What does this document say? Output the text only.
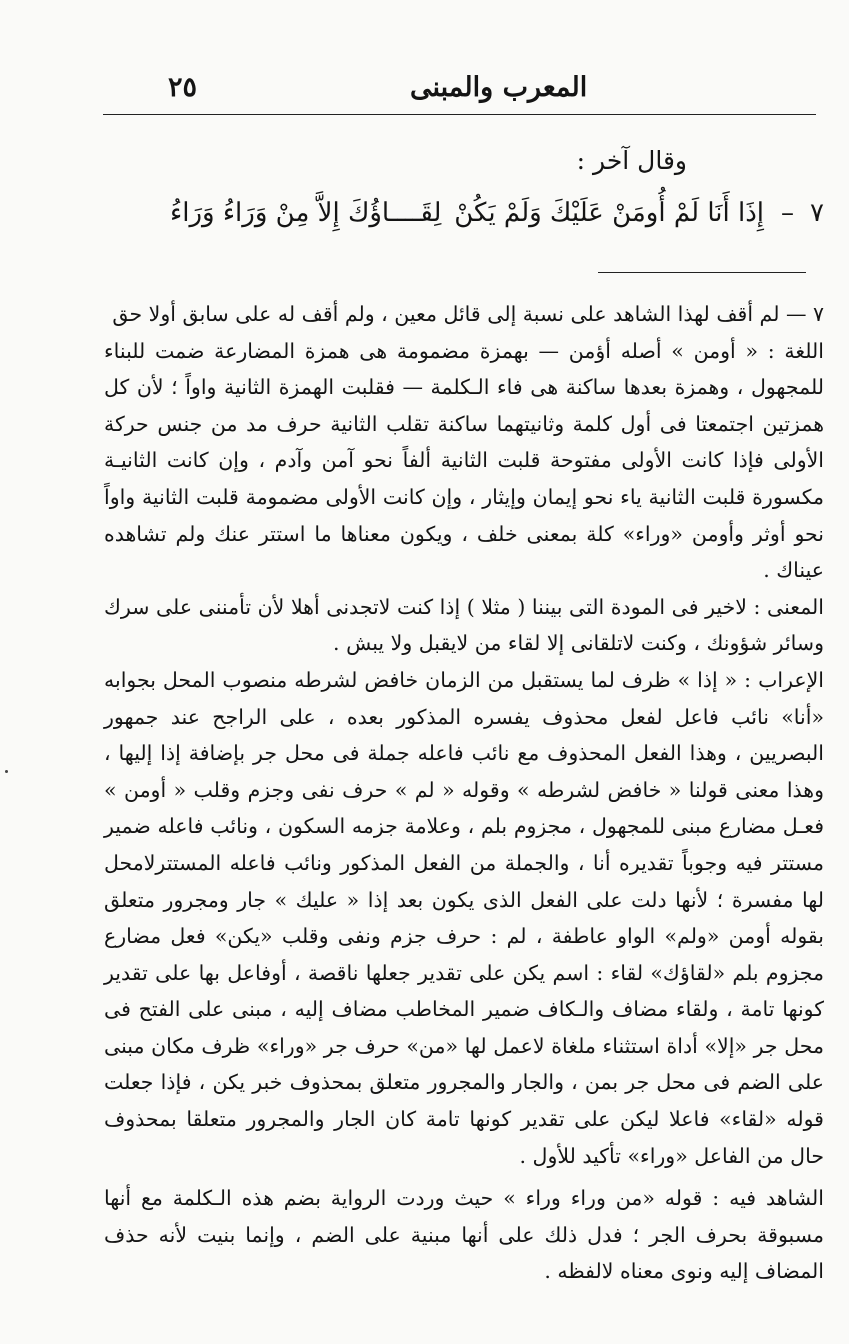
٢٥	المعرب والمبنى
وقال آخر :
٧
–
إِذَا أَنَا لَمْ أُومَنْ عَلَيْكَ وَلَمْ يَكُنْ
لِقَــــاؤُكَ إِلاَّ مِنْ وَرَاءُ وَرَاءُ

٧ — لم أقف لهذا الشاهد على نسبة إلى قائل معين ، ولم أقف له على سابق أولا حق

اللغة : « أومن » أصله أؤمن — بهمزة مضمومة هى همزة المضارعة ضمت للبناء للمجهول ، وهمزة بعدها ساكنة هى فاء الـكلمة — فقلبت الهمزة الثانية واواً ؛ لأن كل همزتين اجتمعتا فى أول كلمة وثانيتهما ساكنة تقلب الثانية حرف مد من جنس حركة الأولى فإذا كانت الأولى مفتوحة قلبت الثانية ألفاً نحو آمن وآدم ، وإن كانت الثانيـة مكسورة قلبت الثانية ياء نحو إيمان وإيثار ، وإن كانت الأولى مضمومة قلبت الثانية واواً نحو أوثر وأومن «وراء» كلة بمعنى خلف ، ويكون معناها ما استتر عنك ولم تشاهده عيناك .

المعنى : لاخير فى المودة التى بيننا ( مثلا ) إذا كنت لاتجدنى أهلا لأن تأمننى على سرك وسائر شؤونك ، وكنت لاتلقانى إلا لقاء من لايقبل ولا يبش .

الإعراب : « إذا » ظرف لما يستقبل من الزمان خافض لشرطه منصوب المحل بجوابه «أنا» نائب فاعل لفعل محذوف يفسره المذكور بعده ، على الراجح عند جمهور البصريين ، وهذا الفعل المحذوف مع نائب فاعله جملة فى محل جر بإضافة إذا إليها ، وهذا معنى قولنا « خافض لشرطه » وقوله « لم » حرف نفى وجزم وقلب « أومن » فعـل مضارع مبنى للمجهول ، مجزوم بلم ، وعلامة جزمه السكون ، ونائب فاعله ضمير مستتر فيه وجوباً تقديره أنا ، والجملة من الفعل المذكور ونائب فاعله المستترلامحل لها مفسرة ؛ لأنها دلت على الفعل الذى يكون بعد إذا « عليك » جار ومجرور متعلق بقوله أومن «ولم» الواو عاطفة ، لم : حرف جزم ونفى وقلب «يكن» فعل مضارع مجزوم بلم «لقاؤك» لقاء : اسم يكن على تقدير جعلها ناقصة ، أوفاعل بها على تقدير كونها تامة ، ولقاء مضاف والـكاف ضمير المخاطب مضاف إليه ، مبنى على الفتح فى محل جر «إلا» أداة استثناء ملغاة لاعمل لها «من» حرف جر «وراء» ظرف مكان مبنى على الضم فى محل جر بمن ، والجار والمجرور متعلق بمحذوف خبر يكن ، فإذا جعلت قوله «لقاء» فاعلا ليكن على تقدير كونها تامة كان الجار والمجرور متعلقا بمحذوف حال من الفاعل «وراء» تأكيد للأول .

الشاهد فيه : قوله «من وراء وراء » حيث وردت الرواية بضم هذه الـكلمة مع أنها مسبوقة بحرف الجر ؛ فدل ذلك على أنها مبنية على الضم ، وإنما بنيت لأنه حذف المضاف إليه ونوى معناه لالفظه .
